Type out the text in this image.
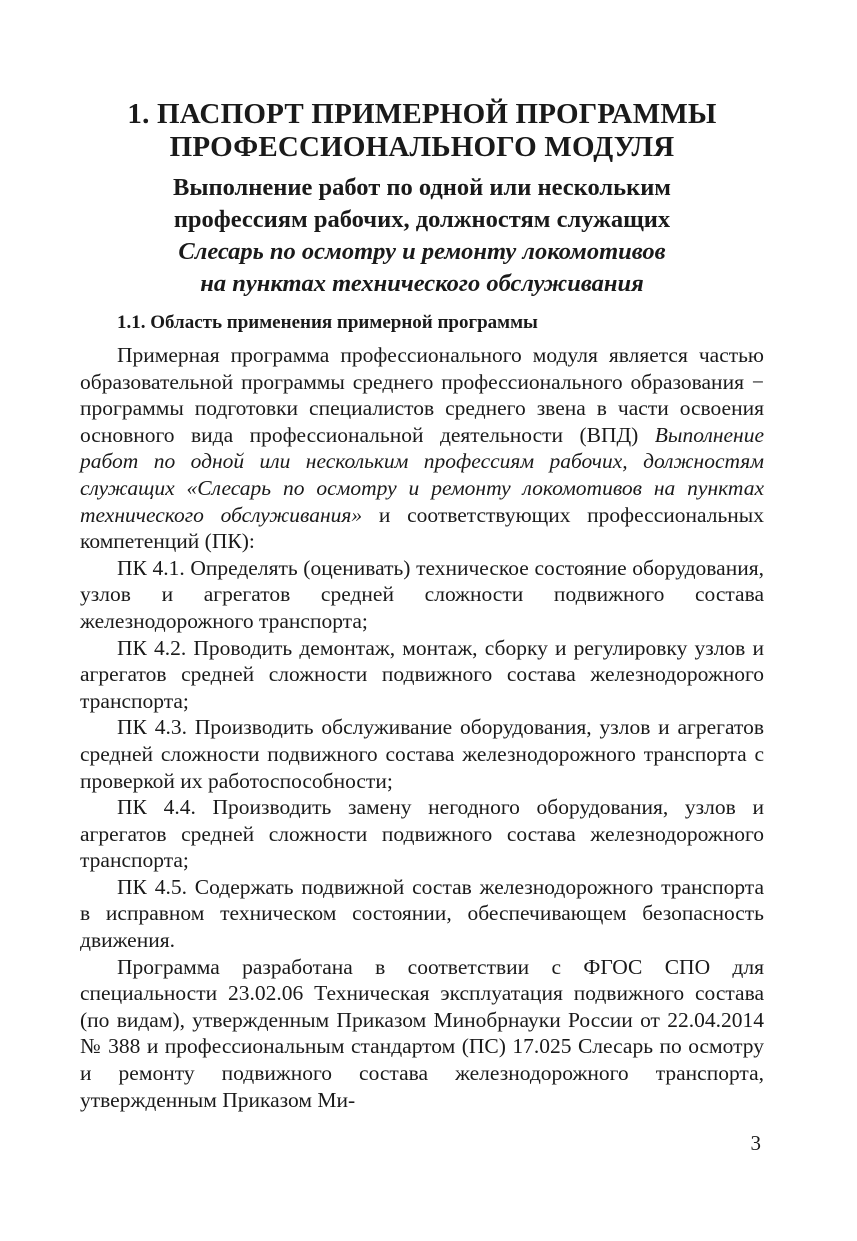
1. ПАСПОРТ ПРИМЕРНОЙ ПРОГРАММЫ
ПРОФЕССИОНАЛЬНОГО МОДУЛЯ

Выполнение работ по одной или нескольким
профессиям рабочих, должностям служащих

Слесарь по осмотру и ремонту локомотивов
на пунктах технического обслуживания

1.1. Область применения примерной программы

Примерная программа профессионального модуля является частью образовательной программы среднего профессионального образования − программы подготовки специалистов среднего звена в части освоения основного вида профессиональной деятельности (ВПД) Выполнение работ по одной или нескольким профессиям рабочих, должностям служащих «Слесарь по осмотру и ремонту локомотивов на пунктах технического обслуживания» и соответствующих профессиональных компетенций (ПК):

ПК 4.1. Определять (оценивать) техническое состояние оборудования, узлов и агрегатов средней сложности подвижного состава железнодорожного транспорта;

ПК 4.2. Проводить демонтаж, монтаж, сборку и регулировку узлов и агрегатов средней сложности подвижного состава железнодорожного транспорта;

ПК 4.3. Производить обслуживание оборудования, узлов и агрегатов средней сложности подвижного состава железнодорожного транспорта с проверкой их работоспособности;

ПК 4.4. Производить замену негодного оборудования, узлов и агрегатов средней сложности подвижного состава железнодорожного транспорта;

ПК 4.5. Содержать подвижной состав железнодорожного транспорта в исправном техническом состоянии, обеспечивающем безопасность движения.

Программа разработана в соответствии с ФГОС СПО для специальности 23.02.06 Техническая эксплуатация подвижного состава (по видам), утвержденным Приказом Минобрнауки России от 22.04.2014 № 388 и профессиональным стандартом (ПС) 17.025 Слесарь по осмотру и ремонту подвижного состава железнодорожного транспорта, утвержденным Приказом Ми-

3
